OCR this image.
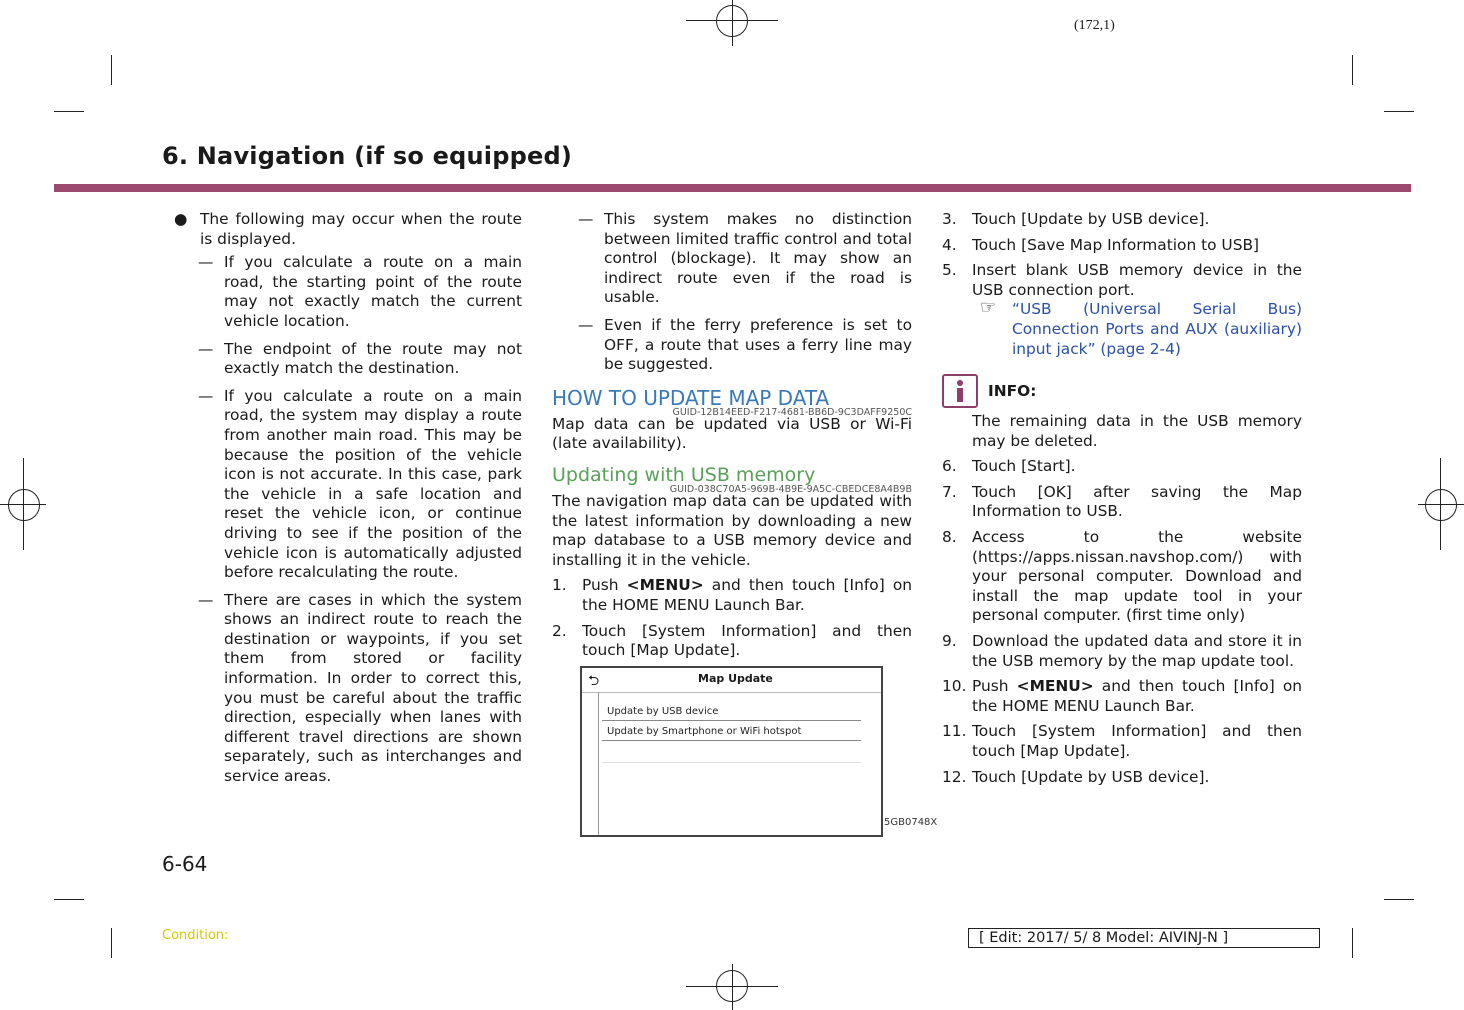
(172,1)
6. Navigation (if so equipped)
● The following may occur when the route is displayed.
— If you calculate a route on a main road, the starting point of the route may not exactly match the current vehicle location.
— The endpoint of the route may not exactly match the destination.
— If you calculate a route on a main road, the system may display a route from another main road. This may be because the position of the vehicle icon is not accurate. In this case, park the vehicle in a safe location and reset the vehicle icon, or continue driving to see if the position of the vehicle icon is automatically adjusted before recalculating the route.
— There are cases in which the system shows an indirect route to reach the destination or waypoints, if you set them from stored or facility information. In order to correct this, you must be careful about the traffic direction, especially when lanes with different travel directions are shown separately, such as interchanges and service areas.
— This system makes no distinction between limited traffic control and total control (blockage). It may show an indirect route even if the road is usable.
— Even if the ferry preference is set to OFF, a route that uses a ferry line may be suggested.
HOW TO UPDATE MAP DATA
GUID-12B14EED-F217-4681-BB6D-9C3DAFF9250C

Map data can be updated via USB or Wi-Fi (late availability).

Updating with USB memory
GUID-038C70A5-969B-4B9E-9A5C-CBEDCE8A4B9B

The navigation map data can be updated with the latest information by downloading a new map database to a USB memory device and installing it in the vehicle.

1. Push <MENU> and then touch [Info] on the HOME MENU Launch Bar.
2. Touch [System Information] and then touch [Map Update].
⮌	Map Update
Update by USB device
Update by Smartphone or WiFi hotspot
5GB0748X
3. Touch [Update by USB device].
4. Touch [Save Map Information to USB]
5. Insert blank USB memory device in the USB connection port.
☞ “USB (Universal Serial Bus) Connection Ports and AUX (auxiliary) input jack” (page 2-4)
INFO:

The remaining data in the USB memory may be deleted.

6. Touch [Start].
7. Touch [OK] after saving the Map Information to USB.
8. Access to the website (https://apps.nissan.navshop.com/) with your personal computer. Download and install the map update tool in your personal computer. (first time only)
9. Download the updated data and store it in the USB memory by the map update tool.
10. Push <MENU> and then touch [Info] on the HOME MENU Launch Bar.
11. Touch [System Information] and then touch [Map Update].
12. Touch [Update by USB device].
6-64
Condition:	[ Edit: 2017/ 5/ 8 Model: AIVINJ-N ]
